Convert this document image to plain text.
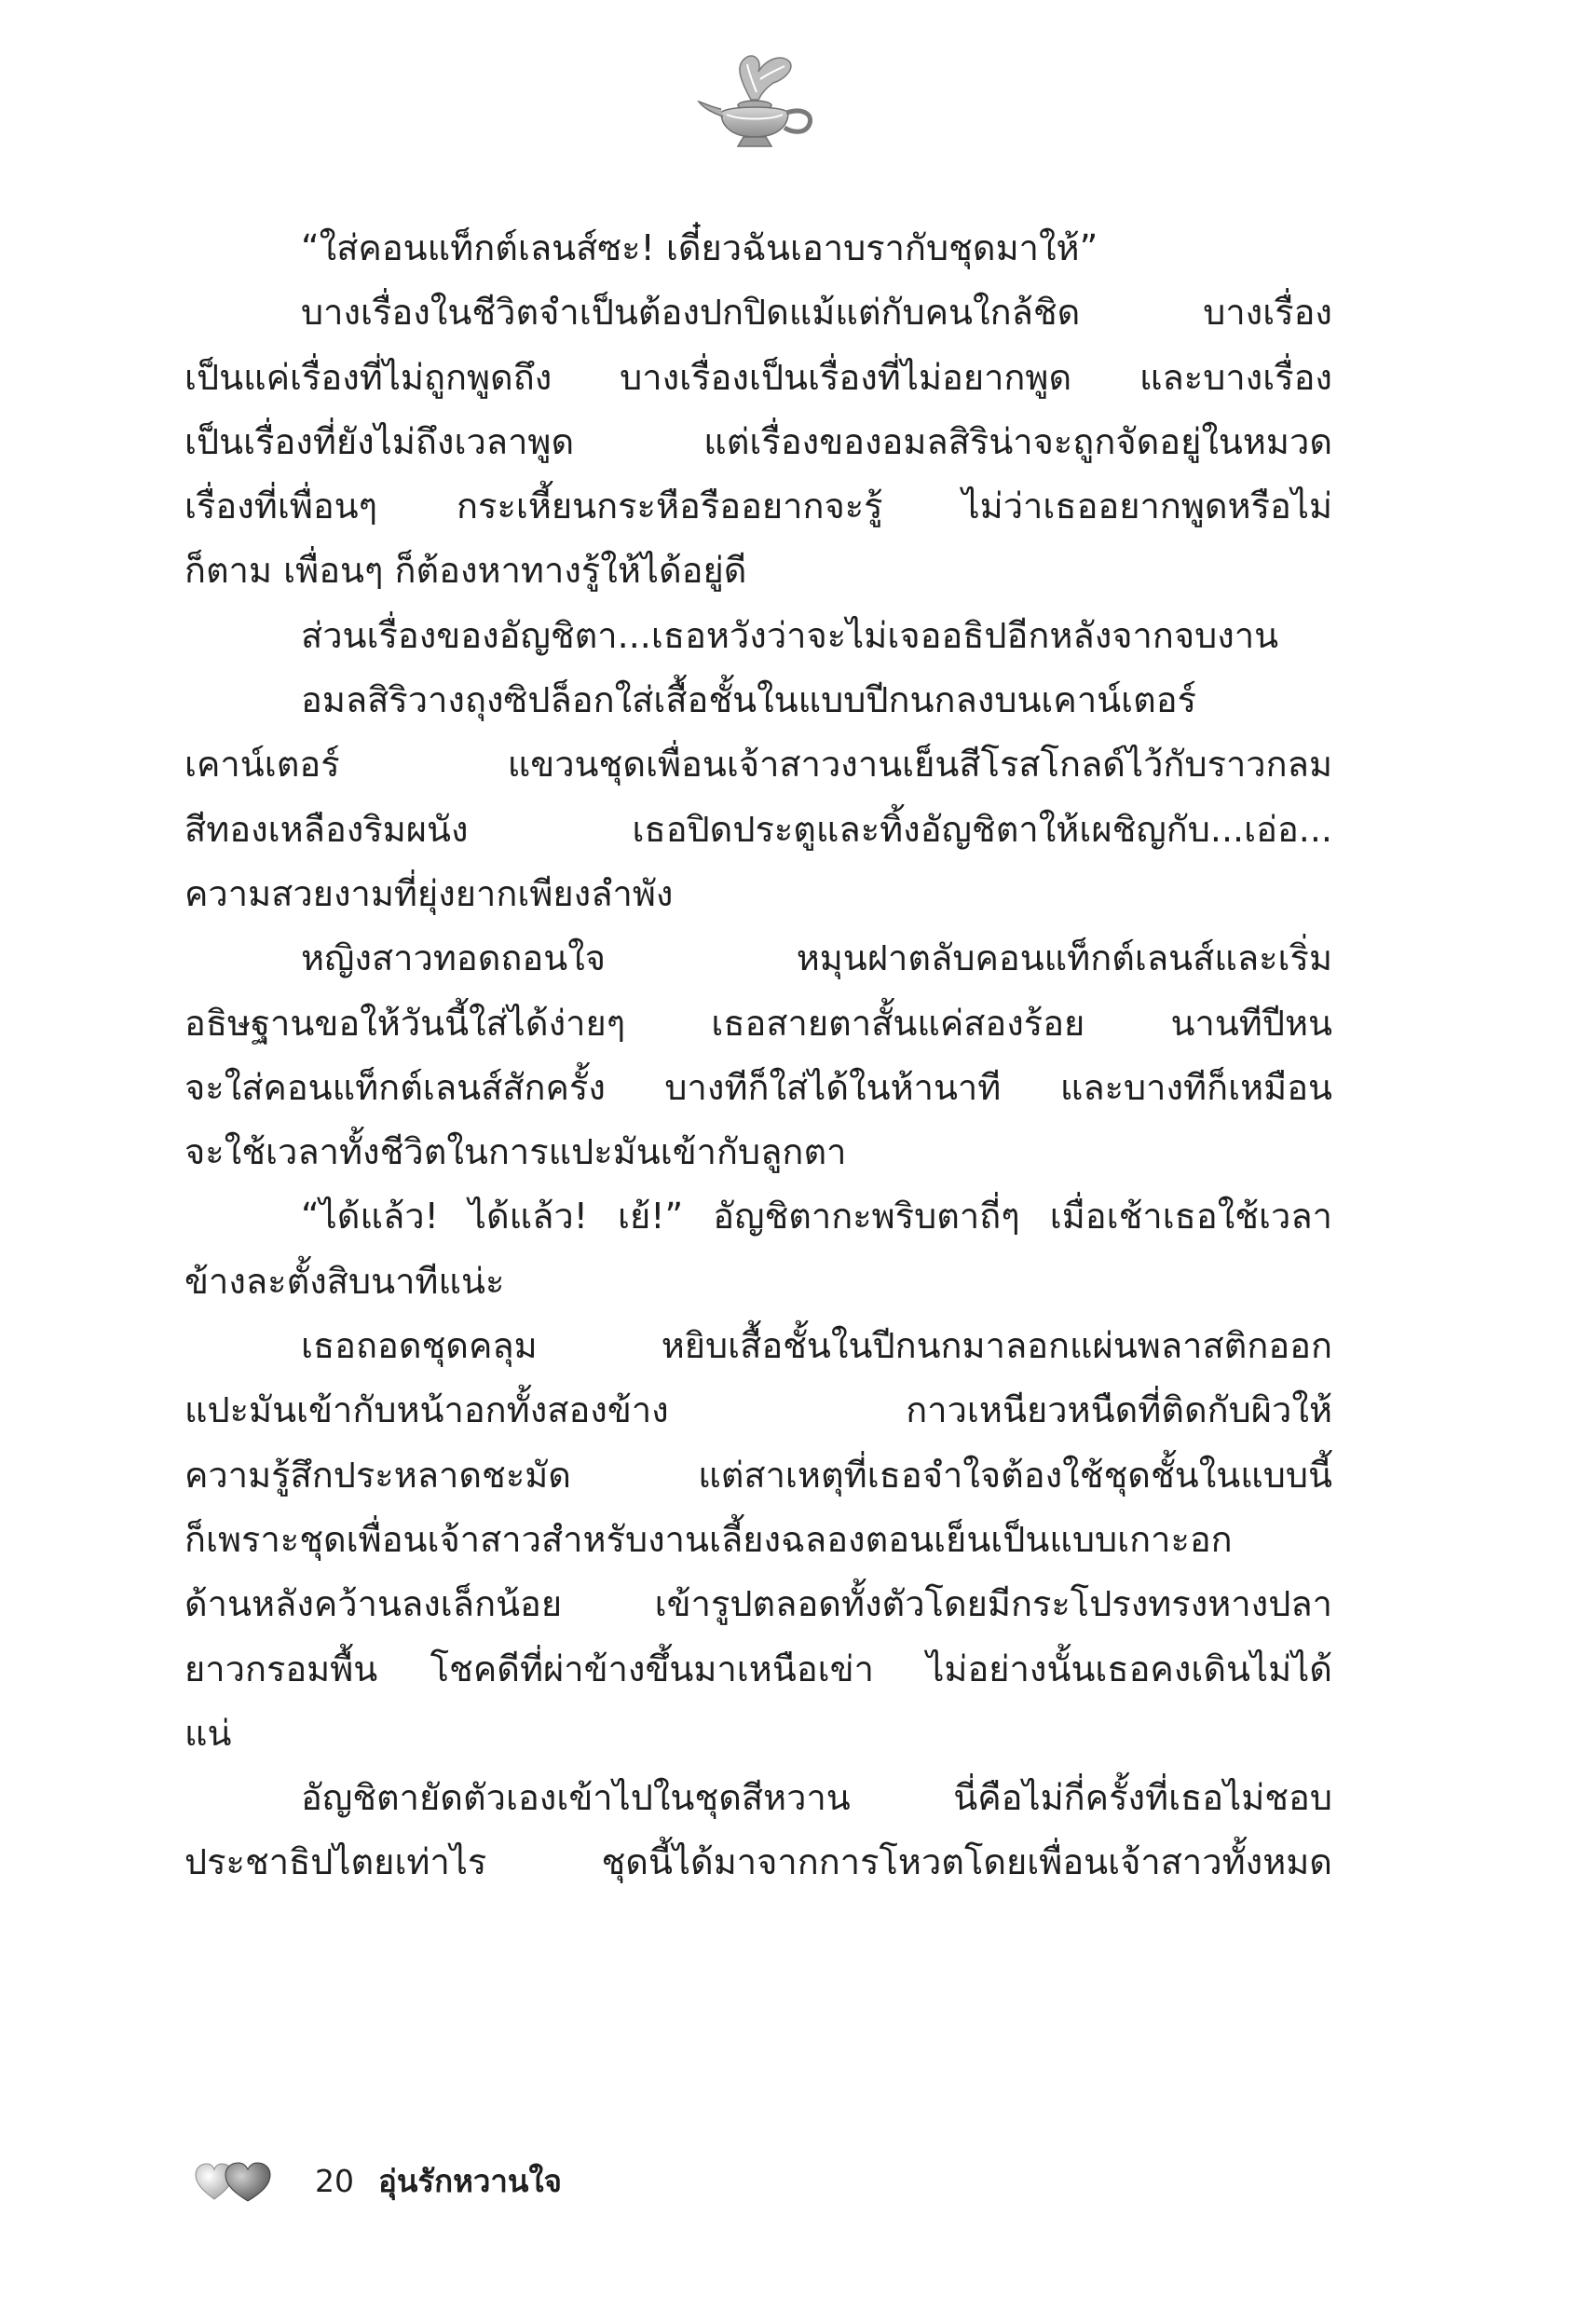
“ใส่คอนแท็กต์เลนส์ซะ! เดี๋ยวฉันเอาบรากับชุดมาให้”
บางเรื่องในชีวิตจำเป็นต้องปกปิดแม้แต่กับคนใกล้ชิด บางเรื่อง
เป็นแค่เรื่องที่ไม่ถูกพูดถึง บางเรื่องเป็นเรื่องที่ไม่อยากพูด และบางเรื่อง
เป็นเรื่องที่ยังไม่ถึงเวลาพูด แต่เรื่องของอมลสิริน่าจะถูกจัดอยู่ในหมวด
เรื่องที่เพื่อนๆ กระเหี้ยนกระหือรืออยากจะรู้ ไม่ว่าเธออยากพูดหรือไม่
ก็ตาม เพื่อนๆ ก็ต้องหาทางรู้ให้ได้อยู่ดี
ส่วนเรื่องของอัญชิตา...เธอหวังว่าจะไม่เจออธิปอีกหลังจากจบงาน
อมลสิริวางถุงซิปล็อกใส่เสื้อชั้นในแบบปีกนกลงบนเคาน์เตอร์
เคาน์เตอร์ แขวนชุดเพื่อนเจ้าสาวงานเย็นสีโรสโกลด์ไว้กับราวกลม
สีทองเหลืองริมผนัง เธอปิดประตูและทิ้งอัญชิตาให้เผชิญกับ...เอ่อ...
ความสวยงามที่ยุ่งยากเพียงลำพัง
หญิงสาวทอดถอนใจ หมุนฝาตลับคอนแท็กต์เลนส์และเริ่ม
อธิษฐานขอให้วันนี้ใส่ได้ง่ายๆ เธอสายตาสั้นแค่สองร้อย นานทีปีหน
จะใส่คอนแท็กต์เลนส์สักครั้ง บางทีก็ใส่ได้ในห้านาที และบางทีก็เหมือน
จะใช้เวลาทั้งชีวิตในการแปะมันเข้ากับลูกตา
“ได้แล้ว! ได้แล้ว! เย้!” อัญชิตากะพริบตาถี่ๆ เมื่อเช้าเธอใช้เวลา
ข้างละตั้งสิบนาทีแน่ะ
เธอถอดชุดคลุม หยิบเสื้อชั้นในปีกนกมาลอกแผ่นพลาสติกออก
แปะมันเข้ากับหน้าอกทั้งสองข้าง กาวเหนียวหนืดที่ติดกับผิวให้
ความรู้สึกประหลาดชะมัด แต่สาเหตุที่เธอจำใจต้องใช้ชุดชั้นในแบบนี้
ก็เพราะชุดเพื่อนเจ้าสาวสำหรับงานเลี้ยงฉลองตอนเย็นเป็นแบบเกาะอก
ด้านหลังคว้านลงเล็กน้อย เข้ารูปตลอดทั้งตัวโดยมีกระโปรงทรงหางปลา
ยาวกรอมพื้น โชคดีที่ผ่าข้างขึ้นมาเหนือเข่า ไม่อย่างนั้นเธอคงเดินไม่ได้
แน่
อัญชิตายัดตัวเองเข้าไปในชุดสีหวาน นี่คือไม่กี่ครั้งที่เธอไม่ชอบ
ประชาธิปไตยเท่าไร ชุดนี้ได้มาจากการโหวตโดยเพื่อนเจ้าสาวทั้งหมด
20 อุ่นรักหวานใจ
